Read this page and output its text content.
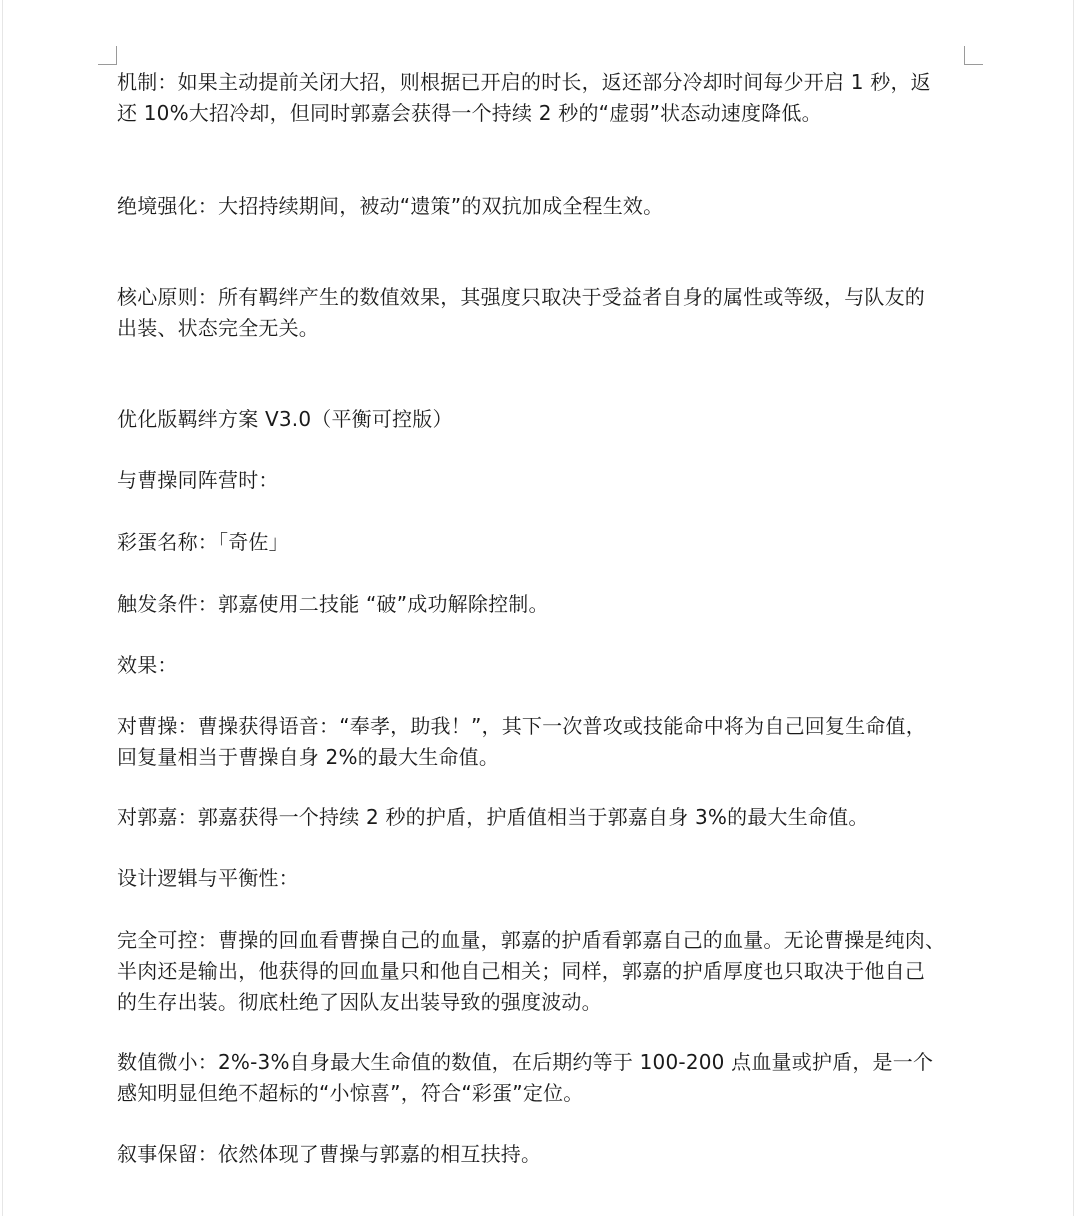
机制：如果主动提前关闭大招，则根据已开启的时长，返还部分冷却时间每少开启 1 秒，返
还 10%大招冷却，但同时郭嘉会获得一个持续 2 秒的“虚弱”状态动速度降低。

绝境强化：大招持续期间，被动“遗策”的双抗加成全程生效。

核心原则：所有羁绊产生的数值效果，其强度只取决于受益者自身的属性或等级，与队友的
出装、状态完全无关。

优化版羁绊方案 V3.0（平衡可控版）

与曹操同阵营时：

彩蛋名称：「奇佐」

触发条件：郭嘉使用二技能 “破”成功解除控制。

效果：

对曹操：曹操获得语音：“奉孝，助我！”，其下一次普攻或技能命中将为自己回复生命值，
回复量相当于曹操自身 2%的最大生命值。

对郭嘉：郭嘉获得一个持续 2 秒的护盾，护盾值相当于郭嘉自身 3%的最大生命值。

设计逻辑与平衡性：

完全可控：曹操的回血看曹操自己的血量，郭嘉的护盾看郭嘉自己的血量。无论曹操是纯肉、
半肉还是输出，他获得的回血量只和他自己相关；同样，郭嘉的护盾厚度也只取决于他自己
的生存出装。彻底杜绝了因队友出装导致的强度波动。

数值微小：2%-3%自身最大生命值的数值，在后期约等于 100-200 点血量或护盾，是一个
感知明显但绝不超标的“小惊喜”，符合“彩蛋”定位。

叙事保留：依然体现了曹操与郭嘉的相互扶持。
